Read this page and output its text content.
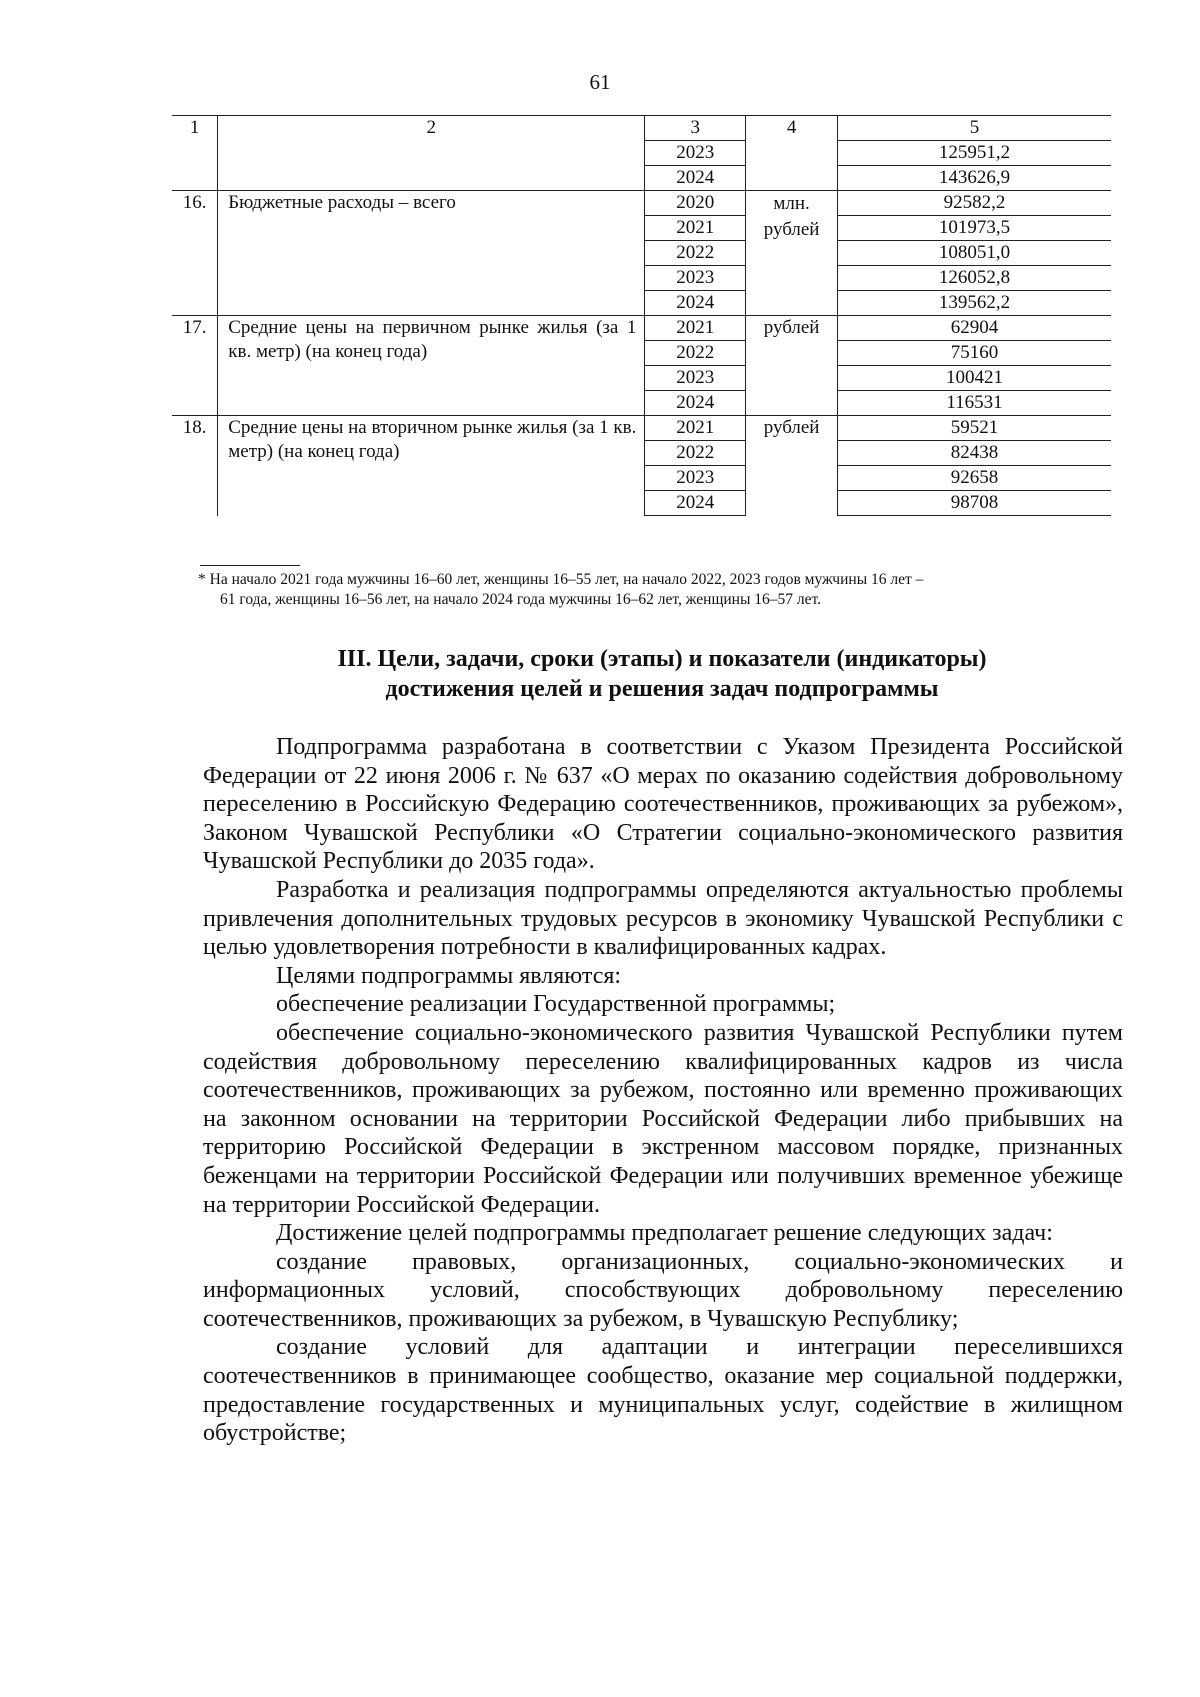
61
1	2	3	4	5
		2023		125951,2
		2024		143626,9
16.	Бюджетные расходы – всего	2020	млн. рублей	92582,2
		2021		101973,5
		2022		108051,0
		2023		126052,8
		2024		139562,2
17.	Средние цены на первичном рынке жилья (за 1 кв. метр) (на конец года)	2021	рублей	62904
		2022		75160
		2023		100421
		2024		116531
18.	Средние цены на вторичном рынке жилья (за 1 кв. метр) (на конец года)	2021	рублей	59521
		2022		82438
		2023		92658
		2024		98708
* На начало 2021 года мужчины 16–60 лет, женщины 16–55 лет, на начало 2022, 2023 годов мужчины 16 лет –
61 года, женщины 16–56 лет, на начало 2024 года мужчины 16–62 лет, женщины 16–57 лет.
III. Цели, задачи, сроки (этапы) и показатели (индикаторы)
достижения целей и решения задач подпрограммы

Подпрограмма разработана в соответствии с Указом Президента Российской Федерации от 22 июня 2006 г. № 637 «О мерах по оказанию содействия добровольному переселению в Российскую Федерацию соотечественников, проживающих за рубежом», Законом Чувашской Республики «О Стратегии социально-экономического развития Чувашской Республики до 2035 года».

Разработка и реализация подпрограммы определяются актуальностью проблемы привлечения дополнительных трудовых ресурсов в экономику Чувашской Республики с целью удовлетворения потребности в квалифицированных кадрах.

Целями подпрограммы являются:

обеспечение реализации Государственной программы;

обеспечение социально-экономического развития Чувашской Республики путем содействия добровольному переселению квалифицированных кадров из числа соотечественников, проживающих за рубежом, постоянно или временно проживающих на законном основании на территории Российской Федерации либо прибывших на территорию Российской Федерации в экстренном массовом порядке, признанных беженцами на территории Российской Федерации или получивших временное убежище на территории Российской Федерации.

Достижение целей подпрограммы предполагает решение следующих задач:

создание правовых, организационных, социально-экономических и информационных условий, способствующих добровольному переселению соотечественников, проживающих за рубежом, в Чувашскую Республику;

создание условий для адаптации и интеграции переселившихся соотечественников в принимающее сообщество, оказание мер социальной поддержки, предоставление государственных и муниципальных услуг, содействие в жилищном обустройстве;
